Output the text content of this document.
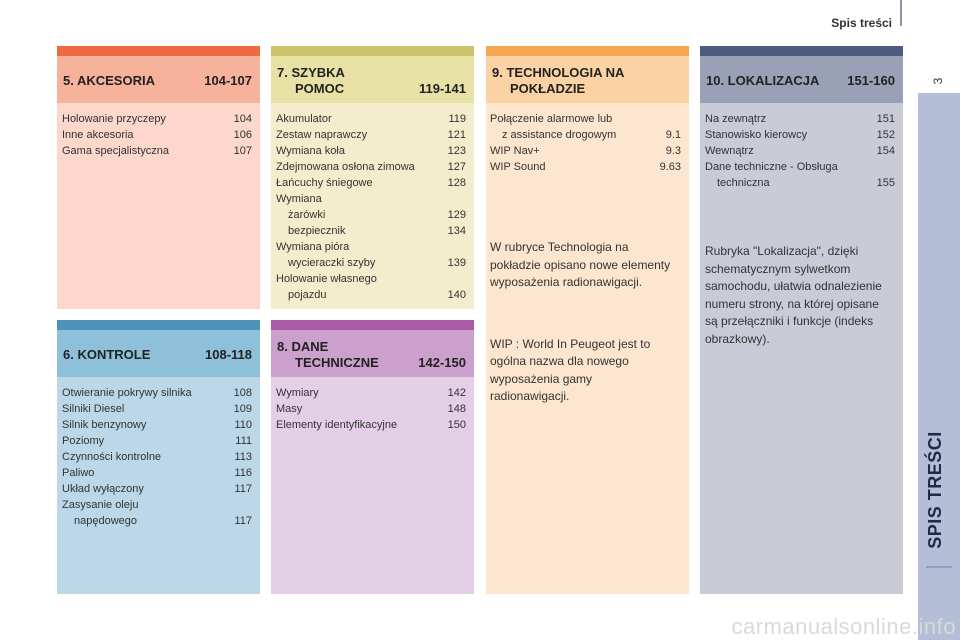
Spis treści
3
SPIS TREŚCI
5. AKCESORIA	104-107
Holowanie przyczepy	104
Inne akcesoria	106
Gama specjalistyczna	107
6. KONTROLE	108-118
Otwieranie pokrywy silnika	108
Silniki Diesel	109
Silnik benzynowy	110
Poziomy	111
Czynności kontrolne	113
Paliwo	116
Układ wyłączony	117
Zasysanie oleju
napędowego	117
7. SZYBKA
POMOC	119-141
Akumulator	119
Zestaw naprawczy	121
Wymiana koła	123
Zdejmowana osłona zimowa	127
Łańcuchy śniegowe	128
Wymiana
żarówki	129
bezpiecznik	134
Wymiana pióra
wycieraczki szyby	139
Holowanie własnego
pojazdu	140
8. DANE
TECHNICZNE	142-150
Wymiary	142
Masy	148
Elementy identyfikacyjne	150
9. TECHNOLOGIA NA
POKŁADZIE
Połączenie alarmowe lub
z assistance drogowym	9.1
WIP Nav+	9.3
WIP Sound	9.63
W rubryce Technologia na pokładzie opisano nowe elementy wyposażenia radionawigacji.
WIP : World In Peugeot jest to ogólna nazwa dla nowego wyposażenia gamy radionawigacji.
10. LOKALIZACJA 151-160
Na zewnątrz	151
Stanowisko kierowcy	152
Wewnątrz	154
Dane techniczne - Obsługa
techniczna	155
Rubryka "Lokalizacja", dzięki schematycznym sylwetkom samochodu, ułatwia odnalezienie numeru strony, na której opisane są przełączniki i funkcje (indeks obrazkowy).
carmanualsonline.info
